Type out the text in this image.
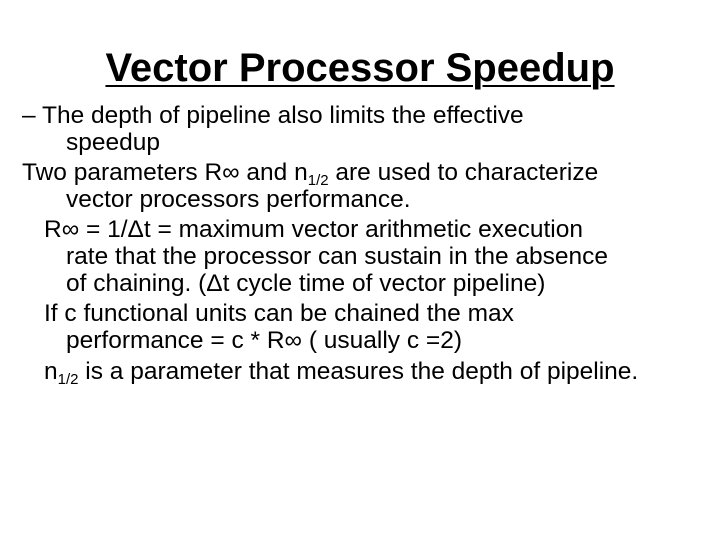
Vector Processor Speedup
– The depth of pipeline also limits the effective
speedup
Two parameters R∞ and $n_{1/2}$ are used to characterize
vector processors performance.
R∞ = 1/Δt = maximum vector arithmetic execution
rate that the processor can sustain in the absence
of chaining. (Δt cycle time of vector pipeline)
If c functional units can be chained the max
performance = c * R∞ ( usually c =2)
$n_{1/2}$ is a parameter that measures the depth of pipeline.
